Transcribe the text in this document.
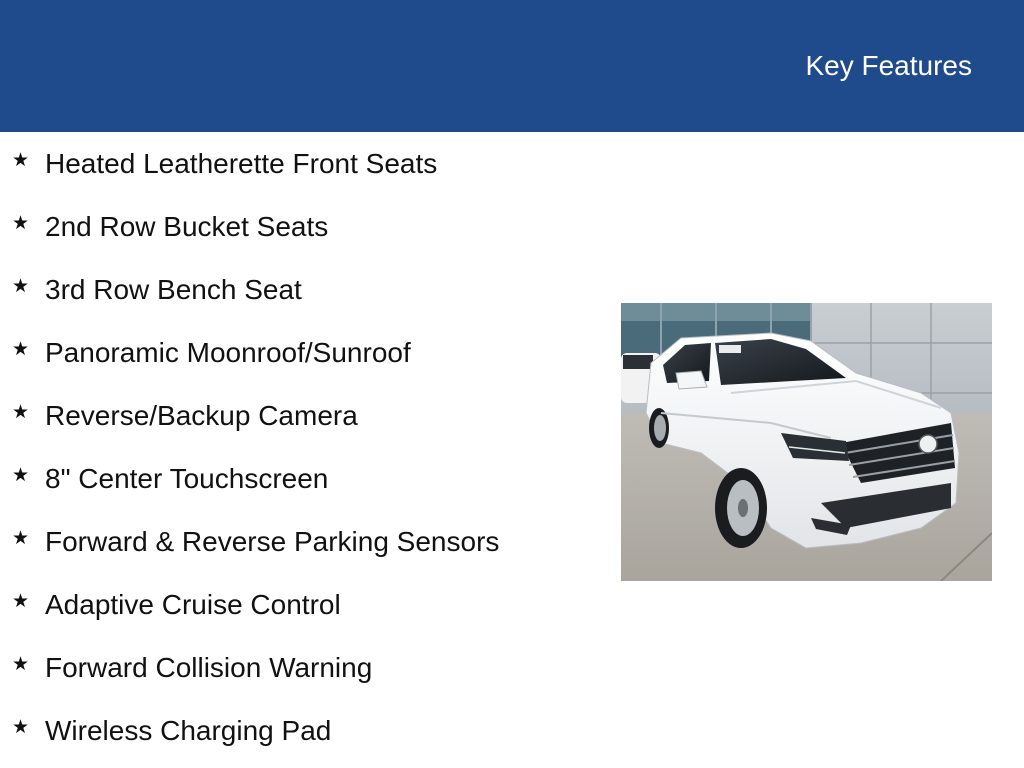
Key Features
★ Heated Leatherette Front Seats
★ 2nd Row Bucket Seats
★ 3rd Row Bench Seat
★ Panoramic Moonroof/Sunroof
★ Reverse/Backup Camera
★ 8" Center Touchscreen
★ Forward & Reverse Parking Sensors
★ Adaptive Cruise Control
★ Forward Collision Warning
★ Wireless Charging Pad
